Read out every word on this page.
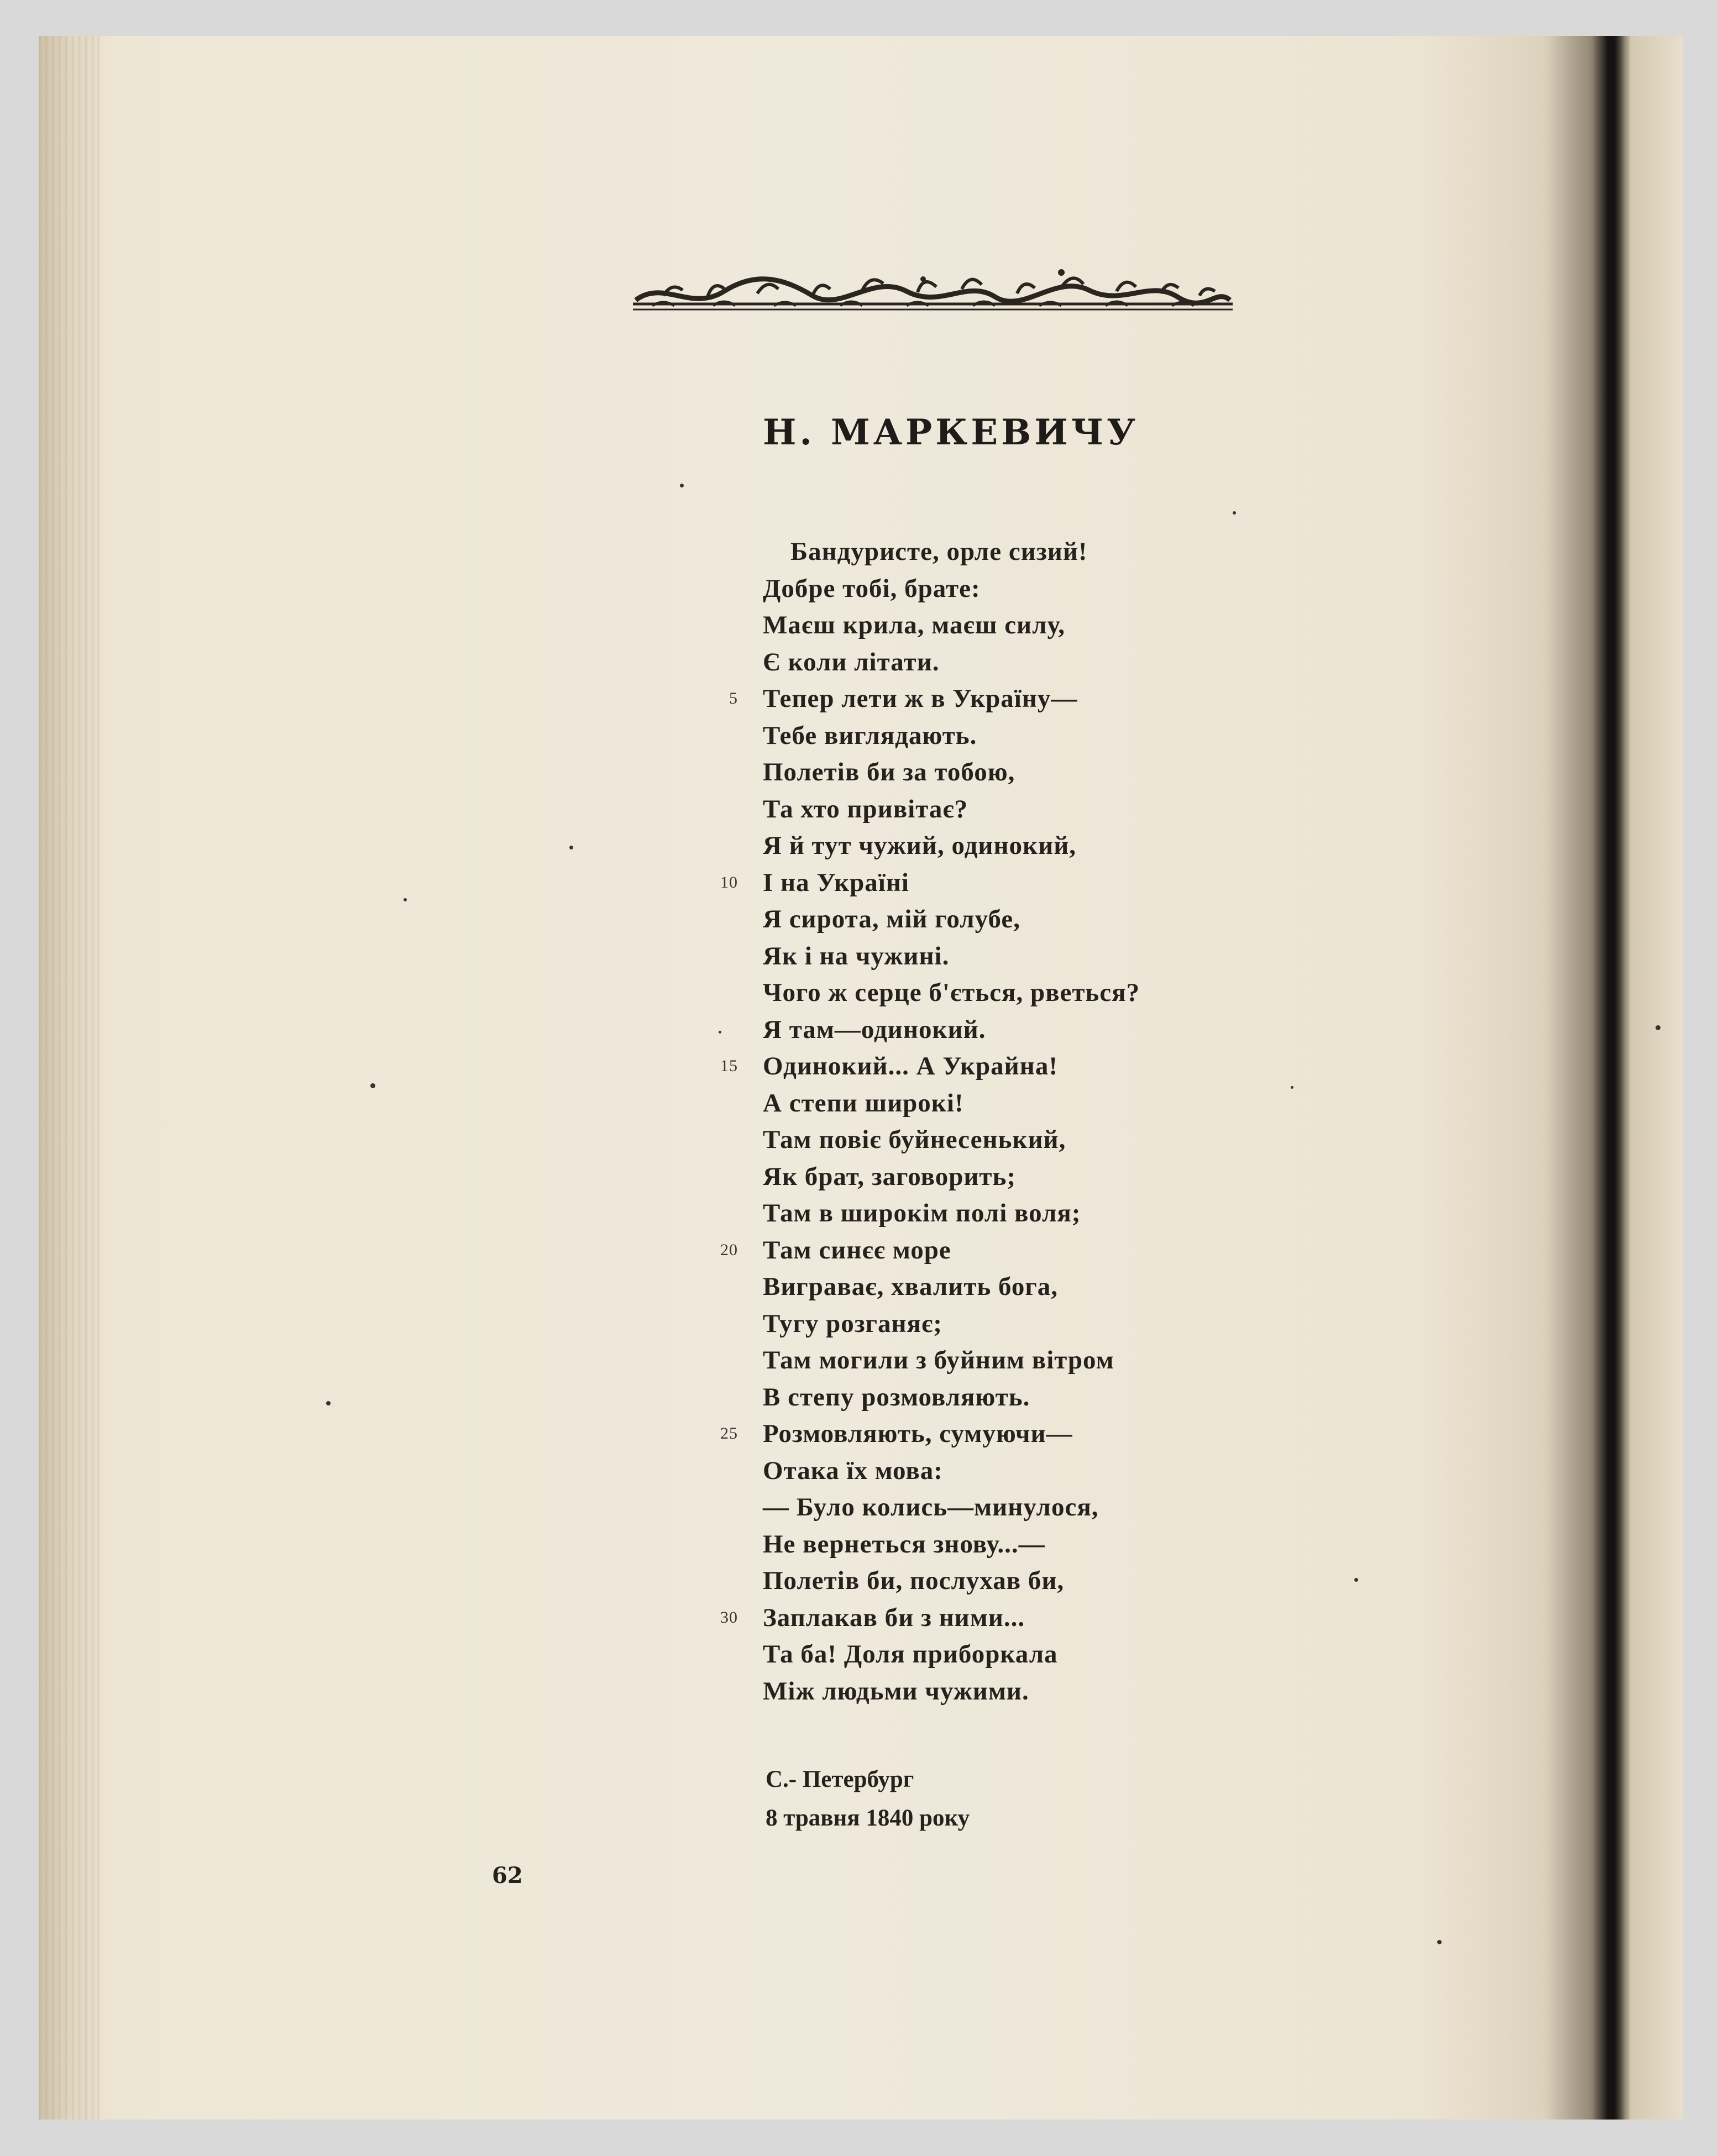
Н. МАРКЕВИЧУ
Бандуристе, орле сизий!
Добре тобі, брате:
Маєш крила, маєш силу,
Є коли літати.
5 Тепер лети ж в Україну—
Тебе виглядають.
Полетів би за тобою,
Та хто привітає?
Я й тут чужий, одинокий,
10 І на Україні
Я сирота, мій голубе,
Як і на чужині.
Чого ж серце б'ється, рветься?
Я там—одинокий.
15 Одинокий... А Украйна!
А степи широкі!
Там повіє буйнесенький,
Як брат, заговорить;
Там в широкім полі воля;
20 Там синєє море
Виграває, хвалить бога,
Тугу розганяє;
Там могили з буйним вітром
В степу розмовляють.
25 Розмовляють, сумуючи—
Отака їх мова:
— Було колись—минулося,
Не вернеться знову...—
Полетів би, послухав би,
30 Заплакав би з ними...
Та ба! Доля приборкала
Між людьми чужими.
С.- Петербург
8 травня 1840 року
62
